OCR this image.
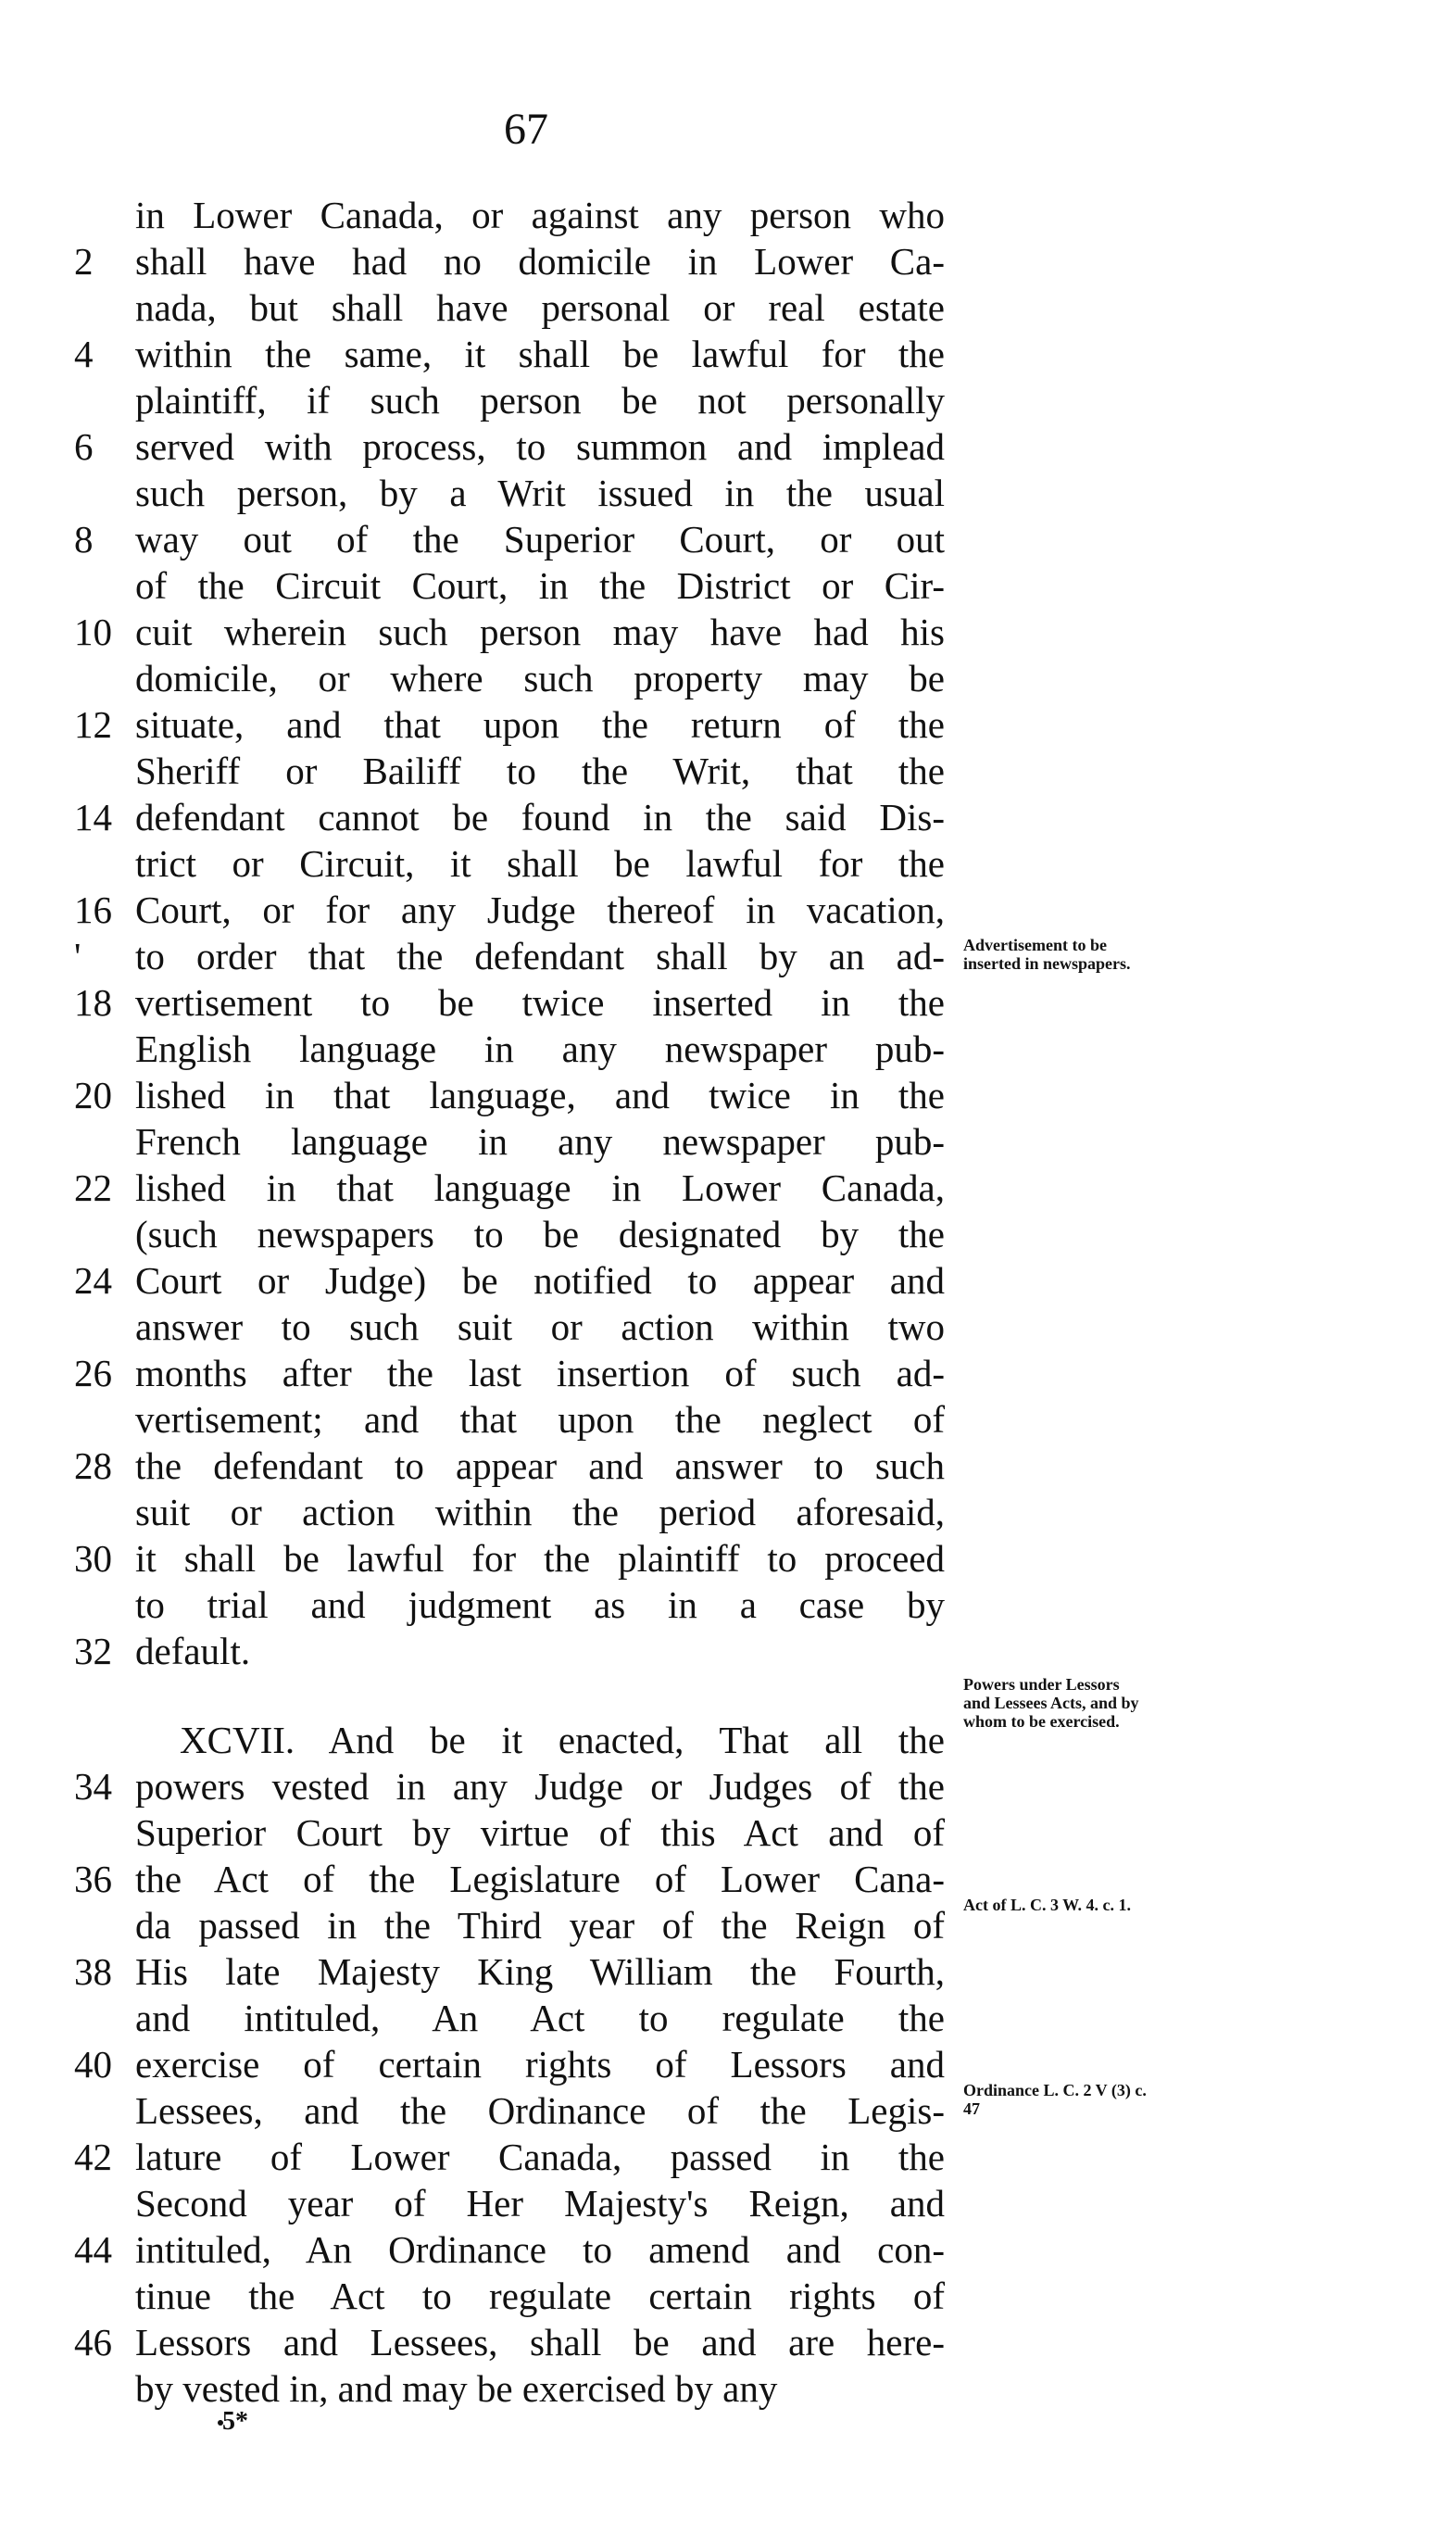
67
in Lower Canada, or against any person who
2	shall have had no domicile in Lower Ca-
nada, but shall have personal or real estate
4	within the same, it shall be lawful for the
plaintiff, if such person be not personally
6	served with process, to summon and implead
such person, by a Writ issued in the usual
8	way out of the Superior Court, or out
of the Circuit Court, in the District or Cir-
10 cuit wherein such person may have had his
domicile, or where such property may be
12 situate, and that upon the return of the
Sheriff or Bailiff to the Writ, that the
14 defendant cannot be found in the said Dis-
trict or Circuit, it shall be lawful for the
16 Court, or for any Judge thereof in vacation,
'	to order that the defendant shall by an ad-
18 vertisement to be twice inserted in the
English language in any newspaper pub-
20 lished in that language, and twice in the
French language in any newspaper pub-
22 lished in that language in Lower Canada,
(such newspapers to be designated by the
24 Court or Judge) be notified to appear and
answer to such suit or action within two
26 months after the last insertion of such ad-
vertisement; and that upon the neglect of
28 the defendant to appear and answer to such
suit or action within the period aforesaid,
30 it shall be lawful for the plaintiff to proceed
to trial and judgment as in a case by
32 default.
XCVII. And be it enacted, That all the
34 powers vested in any Judge or Judges of the
Superior Court by virtue of this Act and of
36 the Act of the Legislature of Lower Cana-
da passed in the Third year of the Reign of
38 His late Majesty King William the Fourth,
and intituled, An Act to regulate the
40 exercise of certain rights of Lessors and
Lessees, and the Ordinance of the Legis-
42 lature of Lower Canada, passed in the
Second year of Her Majesty's Reign, and
44 intituled, An Ordinance to amend and con-
tinue the Act to regulate certain rights of
46 Lessors and Lessees, shall be and are here-
by vested in, and may be exercised by any
Advertisement to be inserted in newspapers.
Powers under Lessors and Lessees Acts, and by whom to be exercised.
Act of L. C. 3 W. 4. c. 1.
Ordinance L. C. 2 V (3) c. 47
5*
